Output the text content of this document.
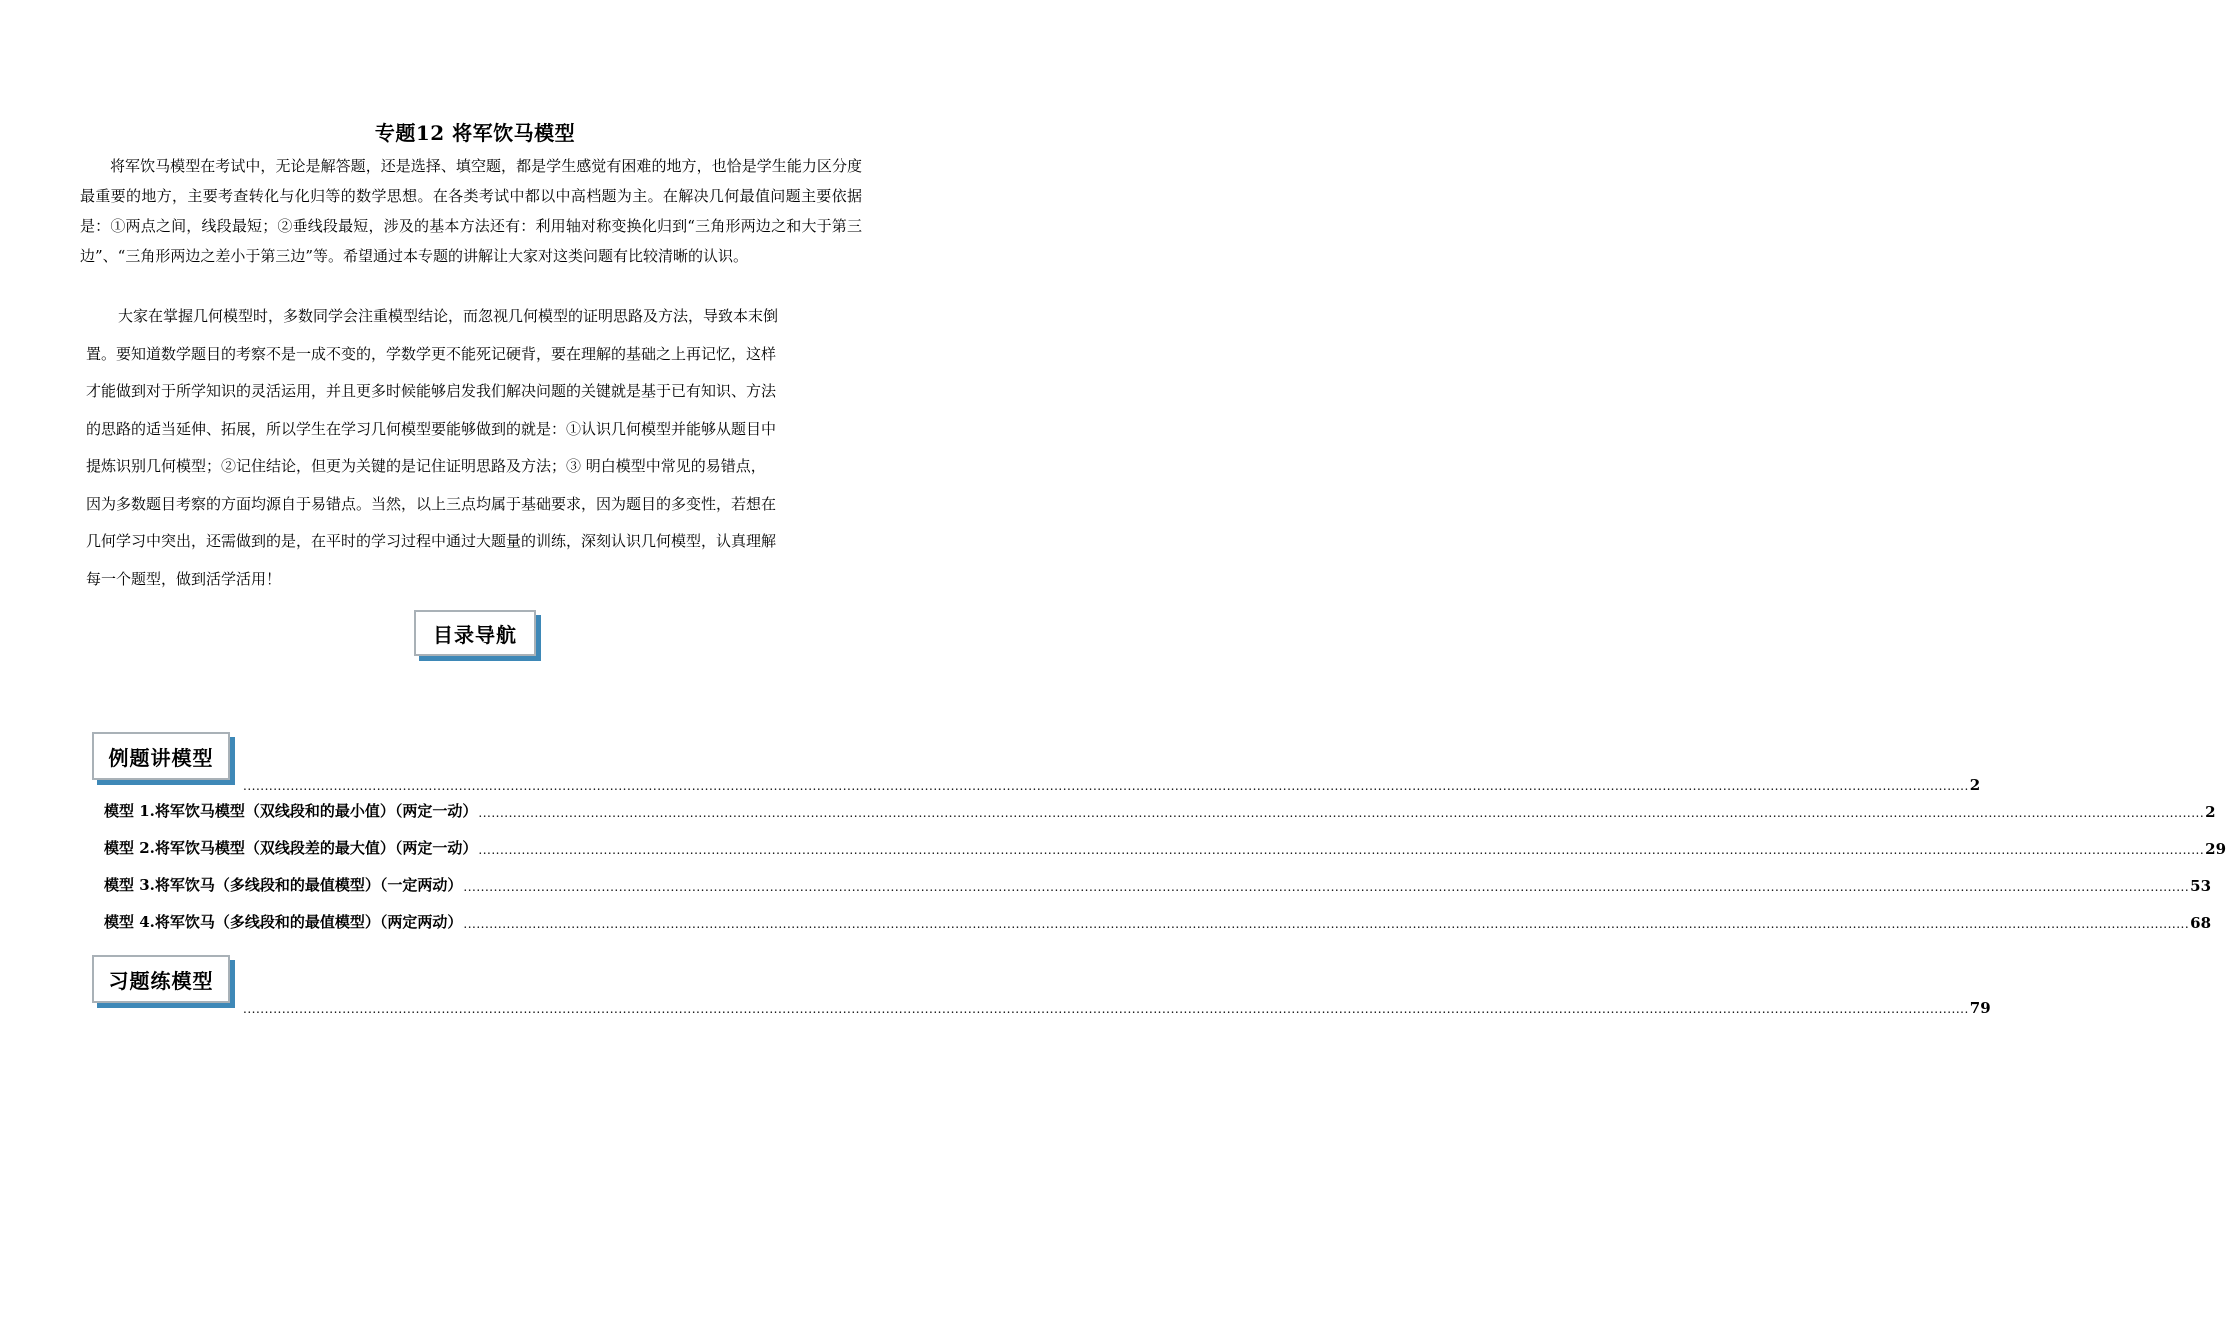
专题12 将军饮马模型

将军饮马模型在考试中，无论是解答题，还是选择、填空题，都是学生感觉有困难的地方，也恰是学生能力区分度最重要的地方，主要考查转化与化归等的数学思想。在各类考试中都以中高档题为主。在解决几何最值问题主要依据是：①两点之间，线段最短；②垂线段最短，涉及的基本方法还有：利用轴对称变换化归到“三角形两边之和大于第三边”、“三角形两边之差小于第三边”等。希望通过本专题的讲解让大家对这类问题有比较清晰的认识。

大家在掌握几何模型时，多数同学会注重模型结论，而忽视几何模型的证明思路及方法，导致本末倒
置。要知道数学题目的考察不是一成不变的，学数学更不能死记硬背，要在理解的基础之上再记忆，这样
才能做到对于所学知识的灵活运用，并且更多时候能够启发我们解决问题的关键就是基于已有知识、方法
的思路的适当延伸、拓展，所以学生在学习几何模型要能够做到的就是：①认识几何模型并能够从题目中
提炼识别几何模型；②记住结论，但更为关键的是记住证明思路及方法；③ 明白模型中常见的易错点，
因为多数题目考察的方面均源自于易错点。当然，以上三点均属于基础要求，因为题目的多变性，若想在
几何学习中突出，还需做到的是，在平时的学习过程中通过大题量的训练，深刻认识几何模型，认真理解
每一个题型，做到活学活用！
目录导航
例题讲模型
................................................................................................................................................................................................................................................................................................................................................................................................................ 2
模型 1.将军饮马模型（双线段和的最小值）（两定一动） ................................................................................................................................................................................................................................................................................................................................................................................................................ 2
模型 2.将军饮马模型（双线段差的最大值）（两定一动） ................................................................................................................................................................................................................................................................................................................................................................................................................ 29
模型 3.将军饮马（多线段和的最值模型）（一定两动） ................................................................................................................................................................................................................................................................................................................................................................................................................ 53
模型 4.将军饮马（多线段和的最值模型）（两定两动） ................................................................................................................................................................................................................................................................................................................................................................................................................ 68
习题练模型
................................................................................................................................................................................................................................................................................................................................................................................................................ 79
